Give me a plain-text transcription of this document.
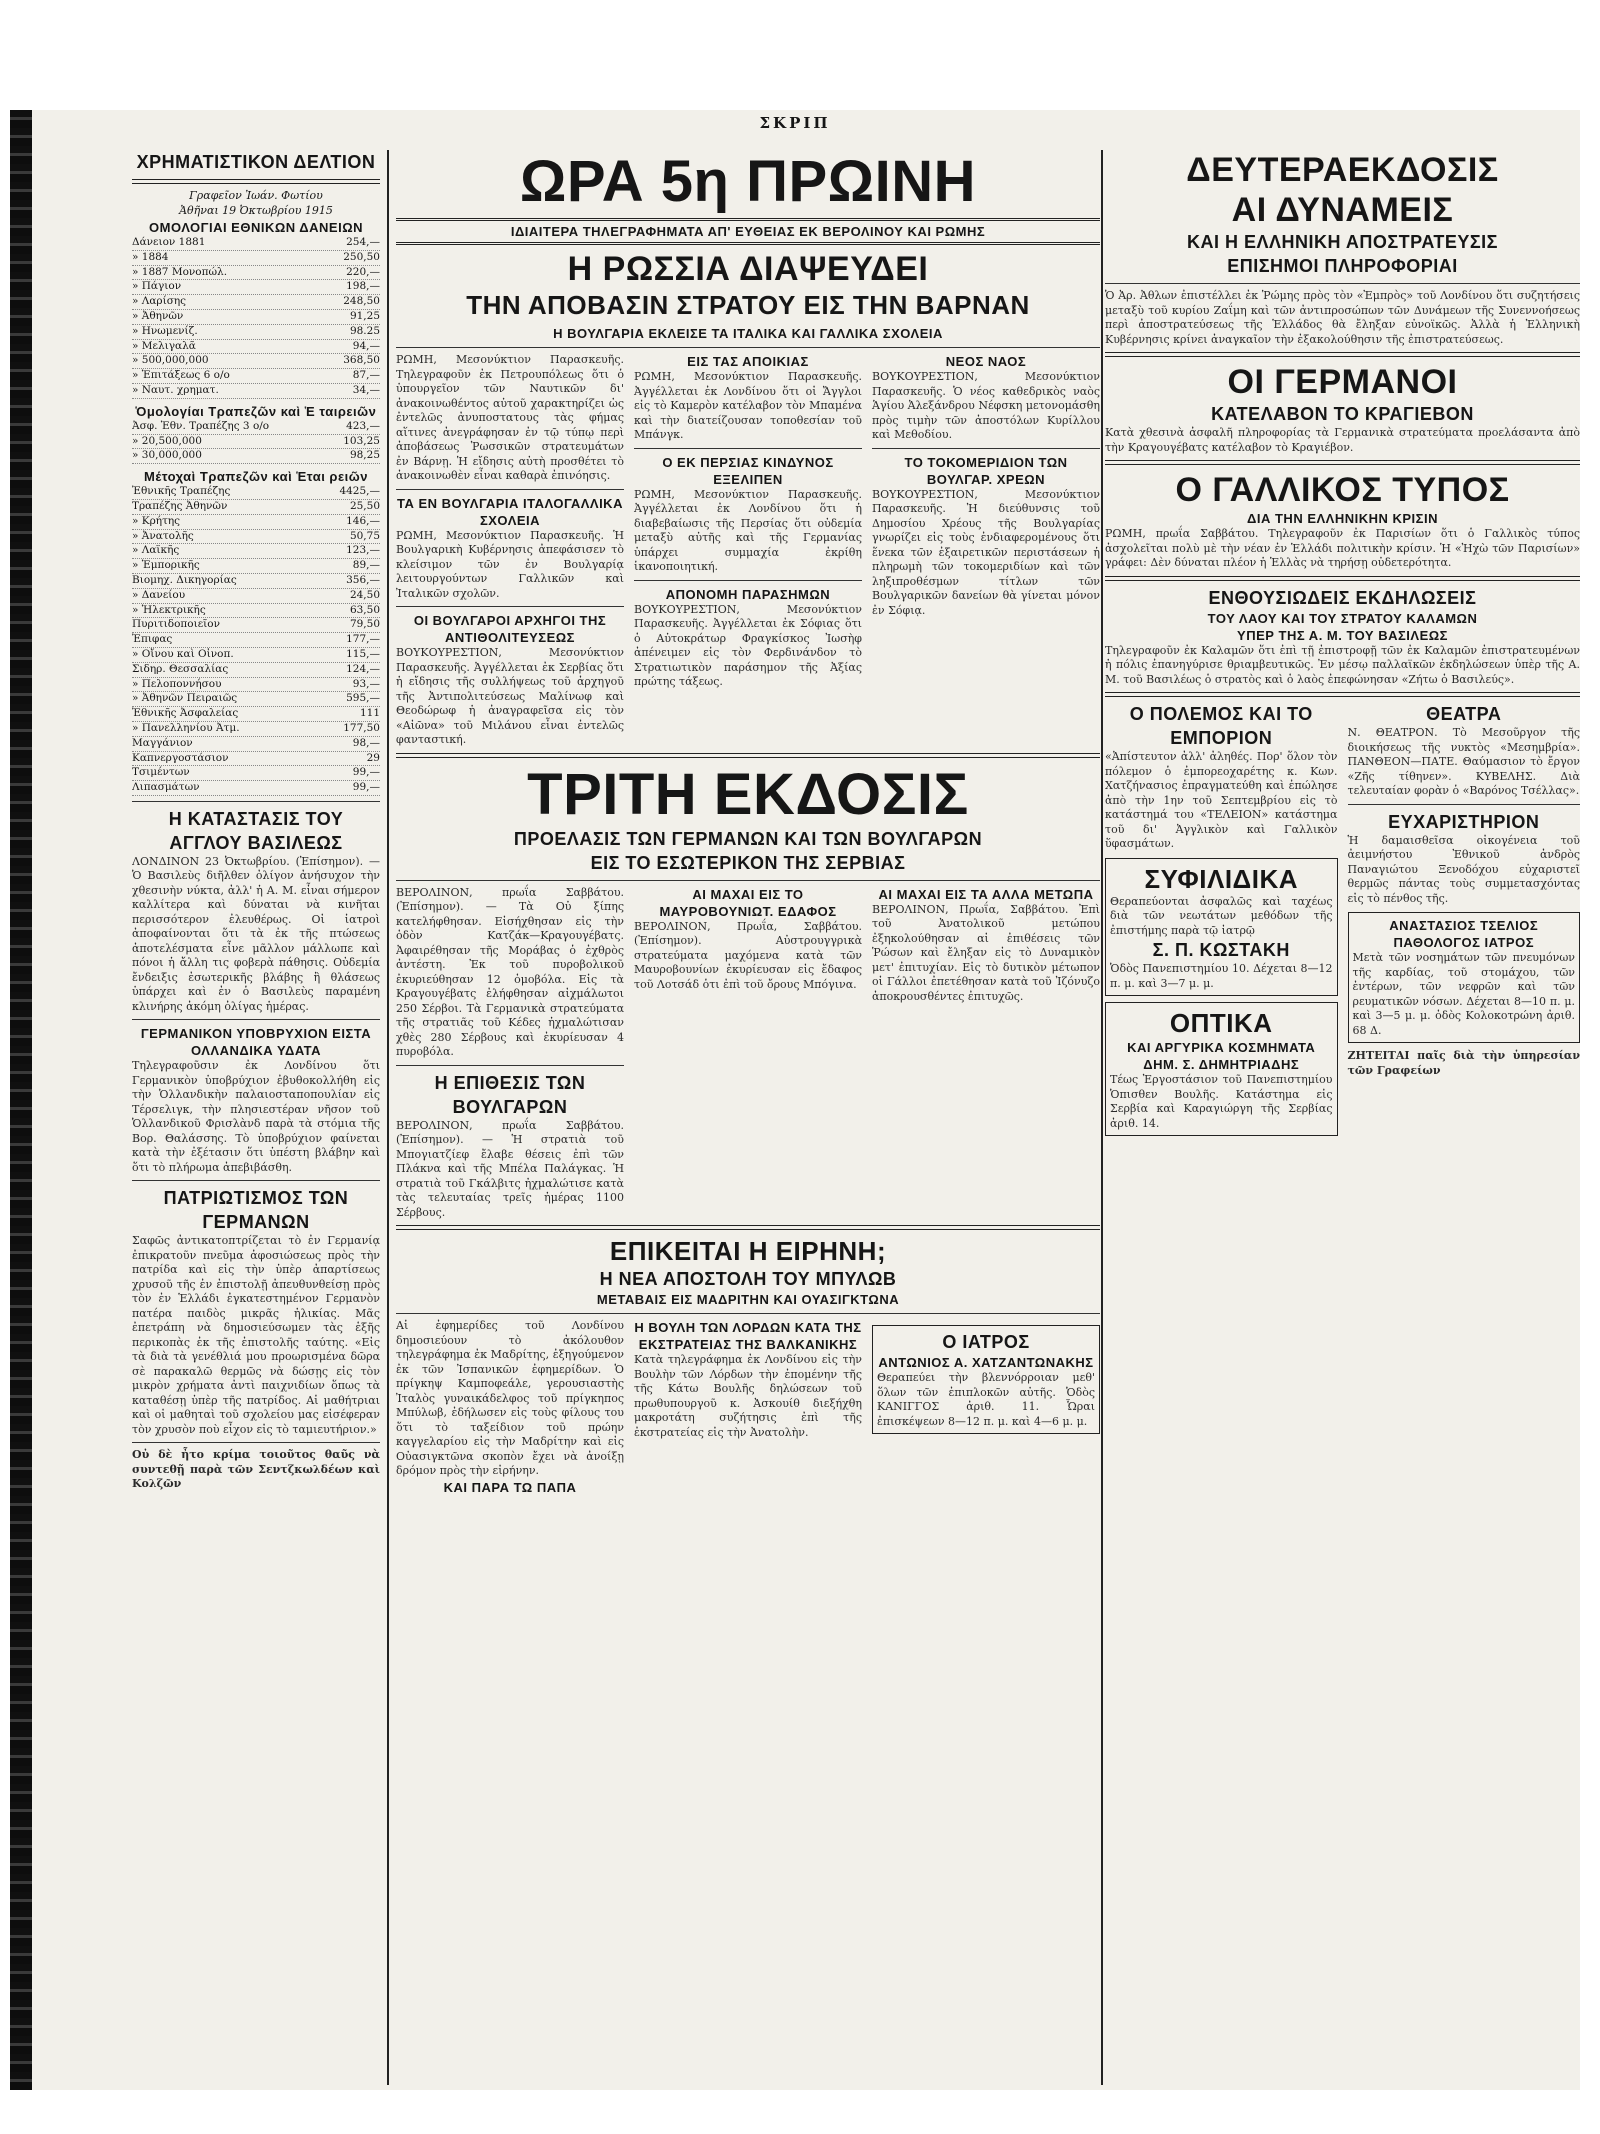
ΣΚΡΙΠ
ΧΡΗΜΑΤΙΣΤΙΚΟΝ ΔΕΛΤΙΟΝ
Γραφεῖον Ἰωάν. Φωτίου
Ἀθῆναι 19 Ὀκτωβρίου 1915
ΟΜΟΛΟΓΙΑΙ ΕΘΝΙΚΩΝ ΔΑΝΕΙΩΝ
Δάνειον 1881	254,—
» 1884	250,50
» 1887 Μονοπώλ.	220,—
» Πάγιον	198,—
» Λαρίσης	248,50
» Ἀθηνῶν	91,25
» Ηνωμενίζ.	98.25
» Μελιγαλᾶ	94,—
» 500,000,000	368,50
» Ἐπιτάξεως 6 ο/ο	87,—
» Ναυτ. χρηματ.	34,—
Ὁμολογίαι Τραπεζῶν καὶ Ἑ ταιρειῶν
Ἀσφ. Ἐθν. Τραπέζης 3 ο/ο	423,—
» 20,500,000	103,25
» 30,000,000	98,25
Μέτοχαὶ Τραπεζῶν καὶ Ἑται ρειῶν
Ἐθνικῆς Τραπέζης	4425,—
Τραπέζης Ἀθηνῶν	25,50
» Κρήτης	146,—
» Ἀνατολῆς	50,75
» Λαϊκῆς	123,—
» Ἐμπορικῆς	89,—
Βιομηχ. Δικηγορίας	356,—
» Δανείου	24,50
» Ἠλεκτρικῆς	63,50
Πυριτιδοποιεῖον	79,50
Ἐπιφας	177,—
» Οἴνου καὶ Οἰνοπ.	115,—
Σιδηρ. Θεσσαλίας	124,—
» Πελοποννήσου	93,—
» Ἀθηνῶν Πειραιῶς	595,—
Ἐθνικῆς Ἀσφαλείας	111
» Πανελληνίου Ἀτμ.	177,50
Μαγγάνιον	98,—
Καπνεργοστάσιον	29
Τσιμέντων	99,—
Λιπασμάτων	99,—
Η ΚΑΤΑΣΤΑΣΙΣ ΤΟΥ ΑΓΓΛΟΥ ΒΑΣΙΛΕΩΣ
ΛΟΝΔΙΝΟΝ 23 Ὀκτωβρίου. (Ἐπίσημον). — Ὁ Βασιλεὺς διῆλθεν ὀλίγον ἀνήσυχον τὴν χθεσινὴν νύκτα, ἀλλ' ἡ Α. Μ. εἶναι σήμερον καλλίτερα καὶ δύναται νὰ κινῆται περισσότερον ἐλευθέρως. Οἱ ἰατροὶ ἀποφαίνονται ὅτι τὰ ἐκ τῆς πτώσεως ἀποτελέσματα εἶνε μᾶλλον μάλλωπε καὶ πόνοι ἡ ἄλλη τις φοβερὰ πάθησις. Οὐδεμία ἔνδειξις ἐσωτερικῆς βλάβης ἢ θλάσεως ὑπάρχει καὶ ἐν ὁ Βασιλεὺς παραμένη κλινήρης ἀκόμη ὀλίγας ἡμέρας.
ΓΕΡΜΑΝΙΚΟΝ ΥΠΟΒΡΥΧΙΟΝ ΕΙΣΤΑ ΟΛΛΑΝΔΙΚΑ ΥΔΑΤΑ
Τηλεγραφοῦσιν ἐκ Λονδίνου ὅτι Γερμανικὸν ὑποβρύχιον ἐβυθοκολλήθη εἰς τὴν Ὁλλανδικὴν παλαιοσταποπουλίαν εἰς Τέρσελιγκ, τὴν πλησιεστέραν νῆσον τοῦ Ὁλλανδικοῦ Φρισλὰνδ παρὰ τὰ στόμια τῆς Βορ. Θαλάσσης. Τὸ ὑποβρύχιον φαίνεται κατὰ τὴν ἐξέτασιν ὅτι ὑπέστη βλάβην καὶ ὅτι τὸ πλήρωμα ἀπεβιβάσθη.
ΠΑΤΡΙΩΤΙΣΜΟΣ ΤΩΝ ΓΕΡΜΑΝΩΝ
Σαφῶς ἀντικατοπτρίζεται τὸ ἐν Γερμανίᾳ ἐπικρατοῦν πνεῦμα ἀφοσιώσεως πρὸς τὴν πατρίδα καὶ εἰς τὴν ὑπὲρ ἀπαρτίσεως χρυσοῦ τῆς ἐν ἐπιστολῇ ἀπευθυνθείσῃ πρὸς τὸν ἐν Ἑλλάδι ἐγκατεστημένον Γερμανὸν πατέρα παιδὸς μικρᾶς ἡλικίας. Μᾶς ἐπετράπη νὰ δημοσιεύσωμεν τὰς ἑξῆς περικοπὰς ἐκ τῆς ἐπιστολῆς ταύτης. «Εἰς τὰ διὰ τὰ γενέθλιά μου προωρισμένα δῶρα σὲ παρακαλῶ θερμῶς νὰ δώσῃς εἰς τὸν μικρὸν χρήματα ἀντὶ παιχνιδίων ὅπως τὰ καταθέσῃ ὑπὲρ τῆς πατρίδος. Αἱ μαθήτριαι καὶ οἱ μαθηταὶ τοῦ σχολείου μας εἰσέφεραν τὸν χρυσὸν ποὺ εἶχον εἰς τὸ ταμιευτήριον.»
Οὐ δὲ ἦτο κρίμα τοιοῦτος θαῦς νὰ συντεθῇ παρὰ τῶν Σεντζκωλδέων καὶ Κολζῶν
ΩΡΑ 5η ΠΡΩΙΝΗ
ΙΔΙΑΙΤΕΡΑ ΤΗΛΕΓΡΑΦΗΜΑΤΑ ΑΠ' ΕΥΘΕΙΑΣ ΕΚ ΒΕΡΟΛΙΝΟΥ ΚΑΙ ΡΩΜΗΣ
Η ΡΩΣΣΙΑ ΔΙΑΨΕΥΔΕΙ
ΤΗΝ ΑΠΟΒΑΣΙΝ ΣΤΡΑΤΟΥ ΕΙΣ ΤΗΝ ΒΑΡΝΑΝ
Η ΒΟΥΛΓΑΡΙΑ ΕΚΛΕΙΣΕ ΤΑ ΙΤΑΛΙΚΑ ΚΑΙ ΓΑΛΛΙΚΑ ΣΧΟΛΕΙΑ
ΡΩΜΗ, Μεσονύκτιον Παρασκευῆς. Τηλεγραφοῦν ἐκ Πετρουπόλεως ὅτι ὁ ὑπουργεῖον τῶν Ναυτικῶν δι' ἀνακοινωθέντος αὐτοῦ χαρακτηρίζει ὡς ἐντελῶς ἀνυποστατους τὰς φήμας αἵτινες ἀνεγράφησαν ἐν τῷ τύπῳ περὶ ἀποβάσεως Ῥωσσικῶν στρατευμάτων ἐν Βάρνῃ. Ἡ εἴδησις αὐτὴ προσθέτει τὸ ἀνακοινωθὲν εἶναι καθαρὰ ἐπινόησις.
ΤΑ ΕΝ ΒΟΥΛΓΑΡΙΑ ΙΤΑΛΟΓΑΛΛΙΚΑ ΣΧΟΛΕΙΑ
ΡΩΜΗ, Μεσονύκτιον Παρασκευῆς. Ἡ Βουλγαρικὴ Κυβέρνησις ἀπεφάσισεν τὸ κλείσιμον τῶν ἐν Βουλγαρίᾳ λειτουργούντων Γαλλικῶν καὶ Ἰταλικῶν σχολῶν.
ΟΙ ΒΟΥΛΓΑΡΟΙ ΑΡΧΗΓΟΙ ΤΗΣ ΑΝΤΙΘΟΛΙΤΕΥΣΕΩΣ
ΒΟΥΚΟΥΡΕΣΤΙΟΝ, Μεσονύκτιον Παρασκευῆς. Ἀγγέλλεται ἐκ Σερβίας ὅτι ἡ εἴδησις τῆς συλλήψεως τοῦ ἀρχηγοῦ τῆς Ἀντιπολιτεύσεως Μαλίνωφ καὶ Θεοδώρωφ ἡ ἀναγραφεῖσα εἰς τὸν «Αἰῶνα» τοῦ Μιλάνου εἶναι ἐντελῶς φανταστική.
ΕΙΣ ΤΑΣ ΑΠΟΙΚΙΑΣ
ΡΩΜΗ, Μεσονύκτιον Παρασκευῆς. Ἀγγέλλεται ἐκ Λονδίνου ὅτι οἱ Ἄγγλοι εἰς τὸ Καμερὸν κατέλαβον τὸν Μπαμένα καὶ τὴν διατείζουσαν τοποθεσίαν τοῦ Μπάνγκ.
Ο ΕΚ ΠΕΡΣΙΑΣ ΚΙΝΔΥΝΟΣ ΕΞΕΛΙΠΕΝ
ΡΩΜΗ, Μεσονύκτιον Παρασκευῆς. Ἀγγέλλεται ἐκ Λονδίνου ὅτι ἡ διαβεβαίωσις τῆς Περσίας ὅτι οὐδεμία μεταξὺ αὐτῆς καὶ τῆς Γερμανίας ὑπάρχει συμμαχία ἐκρίθη ἱκανοποιητική.
ΑΠΟΝΟΜΗ ΠΑΡΑΣΗΜΩΝ
ΒΟΥΚΟΥΡΕΣΤΙΟΝ, Μεσονύκτιον Παρασκευῆς. Ἀγγέλλεται ἐκ Σόφιας ὅτι ὁ Αὐτοκράτωρ Φραγκίσκος Ἰωσὴφ ἀπένειμεν εἰς τὸν Φερδινάνδον τὸ Στρατιωτικὸν παράσημον τῆς Ἀξίας πρώτης τάξεως.
ΝΕΟΣ ΝΑΟΣ
ΒΟΥΚΟΥΡΕΣΤΙΟΝ, Μεσονύκτιον Παρασκευῆς. Ὁ νέος καθεδρικὸς ναὸς Ἁγίου Ἀλεξάνδρου Νέφσκη μετονομάσθη πρὸς τιμὴν τῶν ἀποστόλων Κυρίλλου καὶ Μεθοδίου.
ΤΟ ΤΟΚΟΜΕΡΙΔΙΟΝ ΤΩΝ ΒΟΥΛΓΑΡ. ΧΡΕΩΝ
ΒΟΥΚΟΥΡΕΣΤΙΟΝ, Μεσονύκτιον Παρασκευῆς. Ἡ διεύθυνσις τοῦ Δημοσίου Χρέους τῆς Βουλγαρίας γνωρίζει εἰς τοὺς ἐνδιαφερομένους ὅτι ἕνεκα τῶν ἐξαιρετικῶν περιστάσεων ἡ πληρωμὴ τῶν τοκομεριδίων καὶ τῶν ληξιπροθέσμων τίτλων τῶν Βουλγαρικῶν δανείων θὰ γίνεται μόνον ἐν Σόφιᾳ.
ΤΡΙΤΗ ΕΚΔΟΣΙΣ
ΠΡΟΕΛΑΣΙΣ ΤΩΝ ΓΕΡΜΑΝΩΝ ΚΑΙ ΤΩΝ ΒΟΥΛΓΑΡΩΝ
ΕΙΣ ΤΟ ΕΣΩΤΕΡΙΚΟΝ ΤΗΣ ΣΕΡΒΙΑΣ
ΒΕΡΟΛΙΝΟΝ, πρωΐα Σαββάτου. (Ἐπίσημον). — Τὰ Οὐ ξίπης κατελήφθησαν. Εἰσήχθησαν εἰς τὴν ὁδὸν Κατζάκ—Κραγουγέβατς. Ἀφαιρέθησαν τῆς Μοράβας ὁ ἐχθρὸς ἀντέστη. Ἐκ τοῦ πυροβολικοῦ ἐκυριεύθησαν 12 ὁμοβόλα. Εἰς τὰ Κραγουγέβατς ἐλήφθησαν αἰχμάλωτοι 250 Σέρβοι. Τὰ Γερμανικὰ στρατεύματα τῆς στρατιᾶς τοῦ Κέδες ἠχμαλώτισαν χθὲς 280 Σέρβους καὶ ἐκυρίευσαν 4 πυροβόλα.
Η ΕΠΙΘΕΣΙΣ ΤΩΝ ΒΟΥΛΓΑΡΩΝ
ΒΕΡΟΛΙΝΟΝ, πρωΐα Σαββάτου. (Ἐπίσημον). — Ἡ στρατιὰ τοῦ Μπογιατζίεφ ἔλαβε θέσεις ἐπὶ τῶν Πλάκνα καὶ τῆς Μπέλα Παλάγκας. Ἡ στρατιὰ τοῦ Γκάλβιτς ἠχμαλώτισε κατὰ τὰς τελευταίας τρεῖς ἡμέρας 1100 Σέρβους.
ΑΙ ΜΑΧΑΙ ΕΙΣ ΤΟ ΜΑΥΡΟΒΟΥΝΙΩΤ. ΕΔΑΦΟΣ
ΒΕΡΟΛΙΝΟΝ, Πρωΐα, Σαββάτου. (Ἐπίσημον). Αὐστρουγγρικὰ στρατεύματα μαχόμενα κατὰ τῶν Μαυροβουνίων ἐκυρίευσαν εἰς ἔδαφος τοῦ Λοτσάδ ὁτι ἐπὶ τοῦ ὄρους Μπόγινα.
ΑΙ ΜΑΧΑΙ ΕΙΣ ΤΑ ΑΛΛΑ ΜΕΤΩΠΑ
ΒΕΡΟΛΙΝΟΝ, Πρωΐα, Σαββάτου. Ἐπὶ τοῦ Ἀνατολικοῦ μετώπου ἐξηκολούθησαν αἱ ἐπιθέσεις τῶν Ῥώσων καὶ ἔληξαν εἰς τὸ Δυναμικὸν μετ' ἐπιτυχίαν. Εἰς τὸ δυτικὸν μέτωπον οἱ Γάλλοι ἐπετέθησαν κατὰ τοῦ Ἰζόνυζο ἀποκρουσθέντες ἐπιτυχῶς.
ΕΠΙΚΕΙΤΑΙ Η ΕΙΡΗΝΗ;
Η ΝΕΑ ΑΠΟΣΤΟΛΗ ΤΟΥ ΜΠΥΛΩΒ
ΜΕΤΑΒΑΙΣ ΕΙΣ ΜΑΔΡΙΤΗΝ ΚΑΙ ΟΥΑΣΙΓΚΤΩΝΑ
Αἱ ἐφημερίδες τοῦ Λονδίνου δημοσιεύουν τὸ ἀκόλουθον τηλεγράφημα ἐκ Μαδρίτης, ἐξηγούμενον ἐκ τῶν Ἰσπανικῶν ἐφημερίδων. Ὁ πρίγκηψ Καμποφεάλε, γερουσιαστὴς Ἰταλὸς γυναικάδελφος τοῦ πρίγκηπος Μπύλωβ, ἐδήλωσεν εἰς τοὺς φίλους του ὅτι τὸ ταξείδιον τοῦ πρώην καγγελαρίου εἰς τὴν Μαδρίτην καὶ εἰς Οὐασιγκτῶνα σκοπὸν ἔχει νὰ ἀνοίξῃ δρόμον πρὸς τὴν εἰρήνην.
ΚΑΙ ΠΑΡΑ ΤΩ ΠΑΠΑ
Η ΒΟΥΛΗ ΤΩΝ ΛΟΡΔΩΝ ΚΑΤΑ ΤΗΣ ΕΚΣΤΡΑΤΕΙΑΣ ΤΗΣ ΒΑΛΚΑΝΙΚΗΣ
Κατὰ τηλεγράφημα ἐκ Λονδίνου εἰς τὴν Βουλὴν τῶν Λόρδων τὴν ἐπομένην τῆς τῆς Κάτω Βουλῆς δηλώσεων τοῦ πρωθυπουργοῦ κ. Ἀσκουίθ διεξήχθη μακροτάτη συζήτησις ἐπὶ τῆς ἐκστρατείας εἰς τὴν Ἀνατολὴν.
Ο ΙΑΤΡΟΣ
ΑΝΤΩΝΙΟΣ Α. ΧΑΤΖΑΝΤΩΝΑΚΗΣ
Θεραπεύει τὴν βλεννόρροιαν μεθ' ὅλων τῶν ἐπιπλοκῶν αὐτῆς. Ὁδὸς ΚΑΝΙΓΓΟΣ ἀριθ. 11. Ὧραι ἐπισκέψεων 8—12 π. μ. καὶ 4—6 μ. μ.
ΔΕΥΤΕΡΑΕΚΔΟΣΙΣ
ΑΙ ΔΥΝΑΜΕΙΣ
ΚΑΙ Η ΕΛΛΗΝΙΚΗ ΑΠΟΣΤΡΑΤΕΥΣΙΣ
ΕΠΙΣΗΜΟΙ ΠΛΗΡΟΦΟΡΙΑΙ
Ὁ Ἀρ. Ἀθλων ἐπιστέλλει ἐκ Ῥώμης πρὸς τὸν «Ἐμπρὸς» τοῦ Λονδίνου ὅτι συζητήσεις μεταξὺ τοῦ κυρίου Ζαΐμη καὶ τῶν ἀντιπροσώπων τῶν Δυνάμεων τῆς Συνεννοήσεως περὶ ἀποστρατεύσεως τῆς Ἑλλάδος θὰ ἔληξαν εὐνοϊκῶς. Ἀλλὰ ἡ Ἑλληνικὴ Κυβέρνησις κρίνει ἀναγκαῖον τὴν ἐξακολούθησιν τῆς ἐπιστρατεύσεως.
ΟΙ ΓΕΡΜΑΝΟΙ
ΚΑΤΕΛΑΒΟΝ ΤΟ ΚΡΑΓΙΕΒΟΝ
Κατὰ χθεσινὰ ἀσφαλῆ πληροφορίας τὰ Γερμανικὰ στρατεύματα προελάσαντα ἀπὸ τὴν Κραγουγέβατς κατέλαβον τὸ Κραγιέβον.
Ο ΓΑΛΛΙΚΟΣ ΤΥΠΟΣ
ΔΙΑ ΤΗΝ ΕΛΛΗΝΙΚΗΝ ΚΡΙΣΙΝ
ΡΩΜΗ, πρωΐα Σαββάτου. Τηλεγραφοῦν ἐκ Παρισίων ὅτι ὁ Γαλλικὸς τύπος ἀσχολεῖται πολὺ μὲ τὴν νέαν ἐν Ἑλλάδι πολιτικὴν κρίσιν. Ἡ «Ἠχὼ τῶν Παρισίων» γράφει: Δὲν δύναται πλέον ἡ Ἑλλὰς νὰ τηρήσῃ οὐδετερότητα.
ΕΝΘΟΥΣΙΩΔΕΙΣ ΕΚΔΗΛΩΣΕΙΣ
ΤΟΥ ΛΑΟΥ ΚΑΙ ΤΟΥ ΣΤΡΑΤΟΥ ΚΑΛΑΜΩΝ
ΥΠΕΡ ΤΗΣ Α. Μ. ΤΟΥ ΒΑΣΙΛΕΩΣ
Τηλεγραφοῦν ἐκ Καλαμῶν ὅτι ἐπὶ τῇ ἐπιστροφῇ τῶν ἐκ Καλαμῶν ἐπιστρατευμένων ἡ πόλις ἐπανηγύρισε θριαμβευτικῶς. Ἐν μέσῳ παλλαϊκῶν ἐκδηλώσεων ὑπὲρ τῆς Α. Μ. τοῦ Βασιλέως ὁ στρατὸς καὶ ὁ λαὸς ἐπεφώνησαν «Ζήτω ὁ Βασιλεύς».
Ο ΠΟΛΕΜΟΣ ΚΑΙ ΤΟ ΕΜΠΟΡΙΟΝ
«Ἀπίστευτον ἀλλ' ἀληθές. Πορ' ὅλον τὸν πόλεμον ὁ ἐμπορεοχαρέτης κ. Κων. Χατζήνασιος ἐπραγματεύθη καὶ ἐπώλησε ἀπὸ τὴν 1ην τοῦ Σεπτεμβρίου εἰς τὸ κατάστημά του «ΤΕΛΕΙΟΝ» κατάστημα τοῦ δι' Ἀγγλικὸν καὶ Γαλλικὸν ὕφασμάτων.
ΣΥΦΙΛΙΔΙΚΑ
Θεραπεύονται ἀσφαλῶς καὶ ταχέως διὰ τῶν νεωτάτων μεθόδων τῆς ἐπιστήμης παρὰ τῷ ἰατρῷ
Σ. Π. ΚΩΣΤΑΚΗ
Ὁδὸς Πανεπιστημίου 10. Δέχεται 8—12 π. μ. καὶ 3—7 μ. μ.
ΟΠΤΙΚΑ
ΚΑΙ ΑΡΓΥΡΙΚΑ ΚΟΣΜΗΜΑΤΑ ΔΗΜ. Σ. ΔΗΜΗΤΡΙΑΔΗΣ
Τέως Ἐργοστάσιον τοῦ Πανεπιστημίου Ὁπισθεν Βουλῆς. Κατάστημα εἰς Σερβία καὶ Καραγιώργη τῆς Σερβίας ἀριθ. 14.
ΘΕΑΤΡΑ
Ν. ΘΕΑΤΡΟΝ. Τὸ Μεσοῦργον τῆς διοικήσεως τῆς νυκτὸς «Μεσημβρία». ΠΑΝΘΕΟΝ—ΠΑΤΕ. Θαύμασιον τὸ ἔργον «Ζῆς τίθηνεν». ΚΥΒΕΛΗΣ. Διὰ τελευταίαν φορὰν ὁ «Βαρόνος Τσέλλας».
ΕΥΧΑΡΙΣΤΗΡΙΟΝ
Ἡ δαμαισθεῖσα οἰκογένεια τοῦ ἀειμνήστου Ἐθνικοῦ ἀνδρὸς Παναγιώτου Ξενοδόχου εὐχαριστεῖ θερμῶς πάντας τοὺς συμμετασχόντας εἰς τὸ πένθος τῆς.
ΑΝΑΣΤΑΣΙΟΣ ΤΣΕΛΙΟΣ
ΠΑΘΟΛΟΓΟΣ ΙΑΤΡΟΣ
Μετὰ τῶν νοσημάτων τῶν πνευμόνων τῆς καρδίας, τοῦ στομάχου, τῶν ἐντέρων, τῶν νεφρῶν καὶ τῶν ρευματικῶν νόσων. Δέχεται 8—10 π. μ. καὶ 3—5 μ. μ. ὁδὸς Κολοκοτρώνη ἀριθ. 68 Δ.
ΖΗΤΕΙΤΑΙ παῖς διὰ τὴν ὑπηρεσίαν τῶν Γραφείων
